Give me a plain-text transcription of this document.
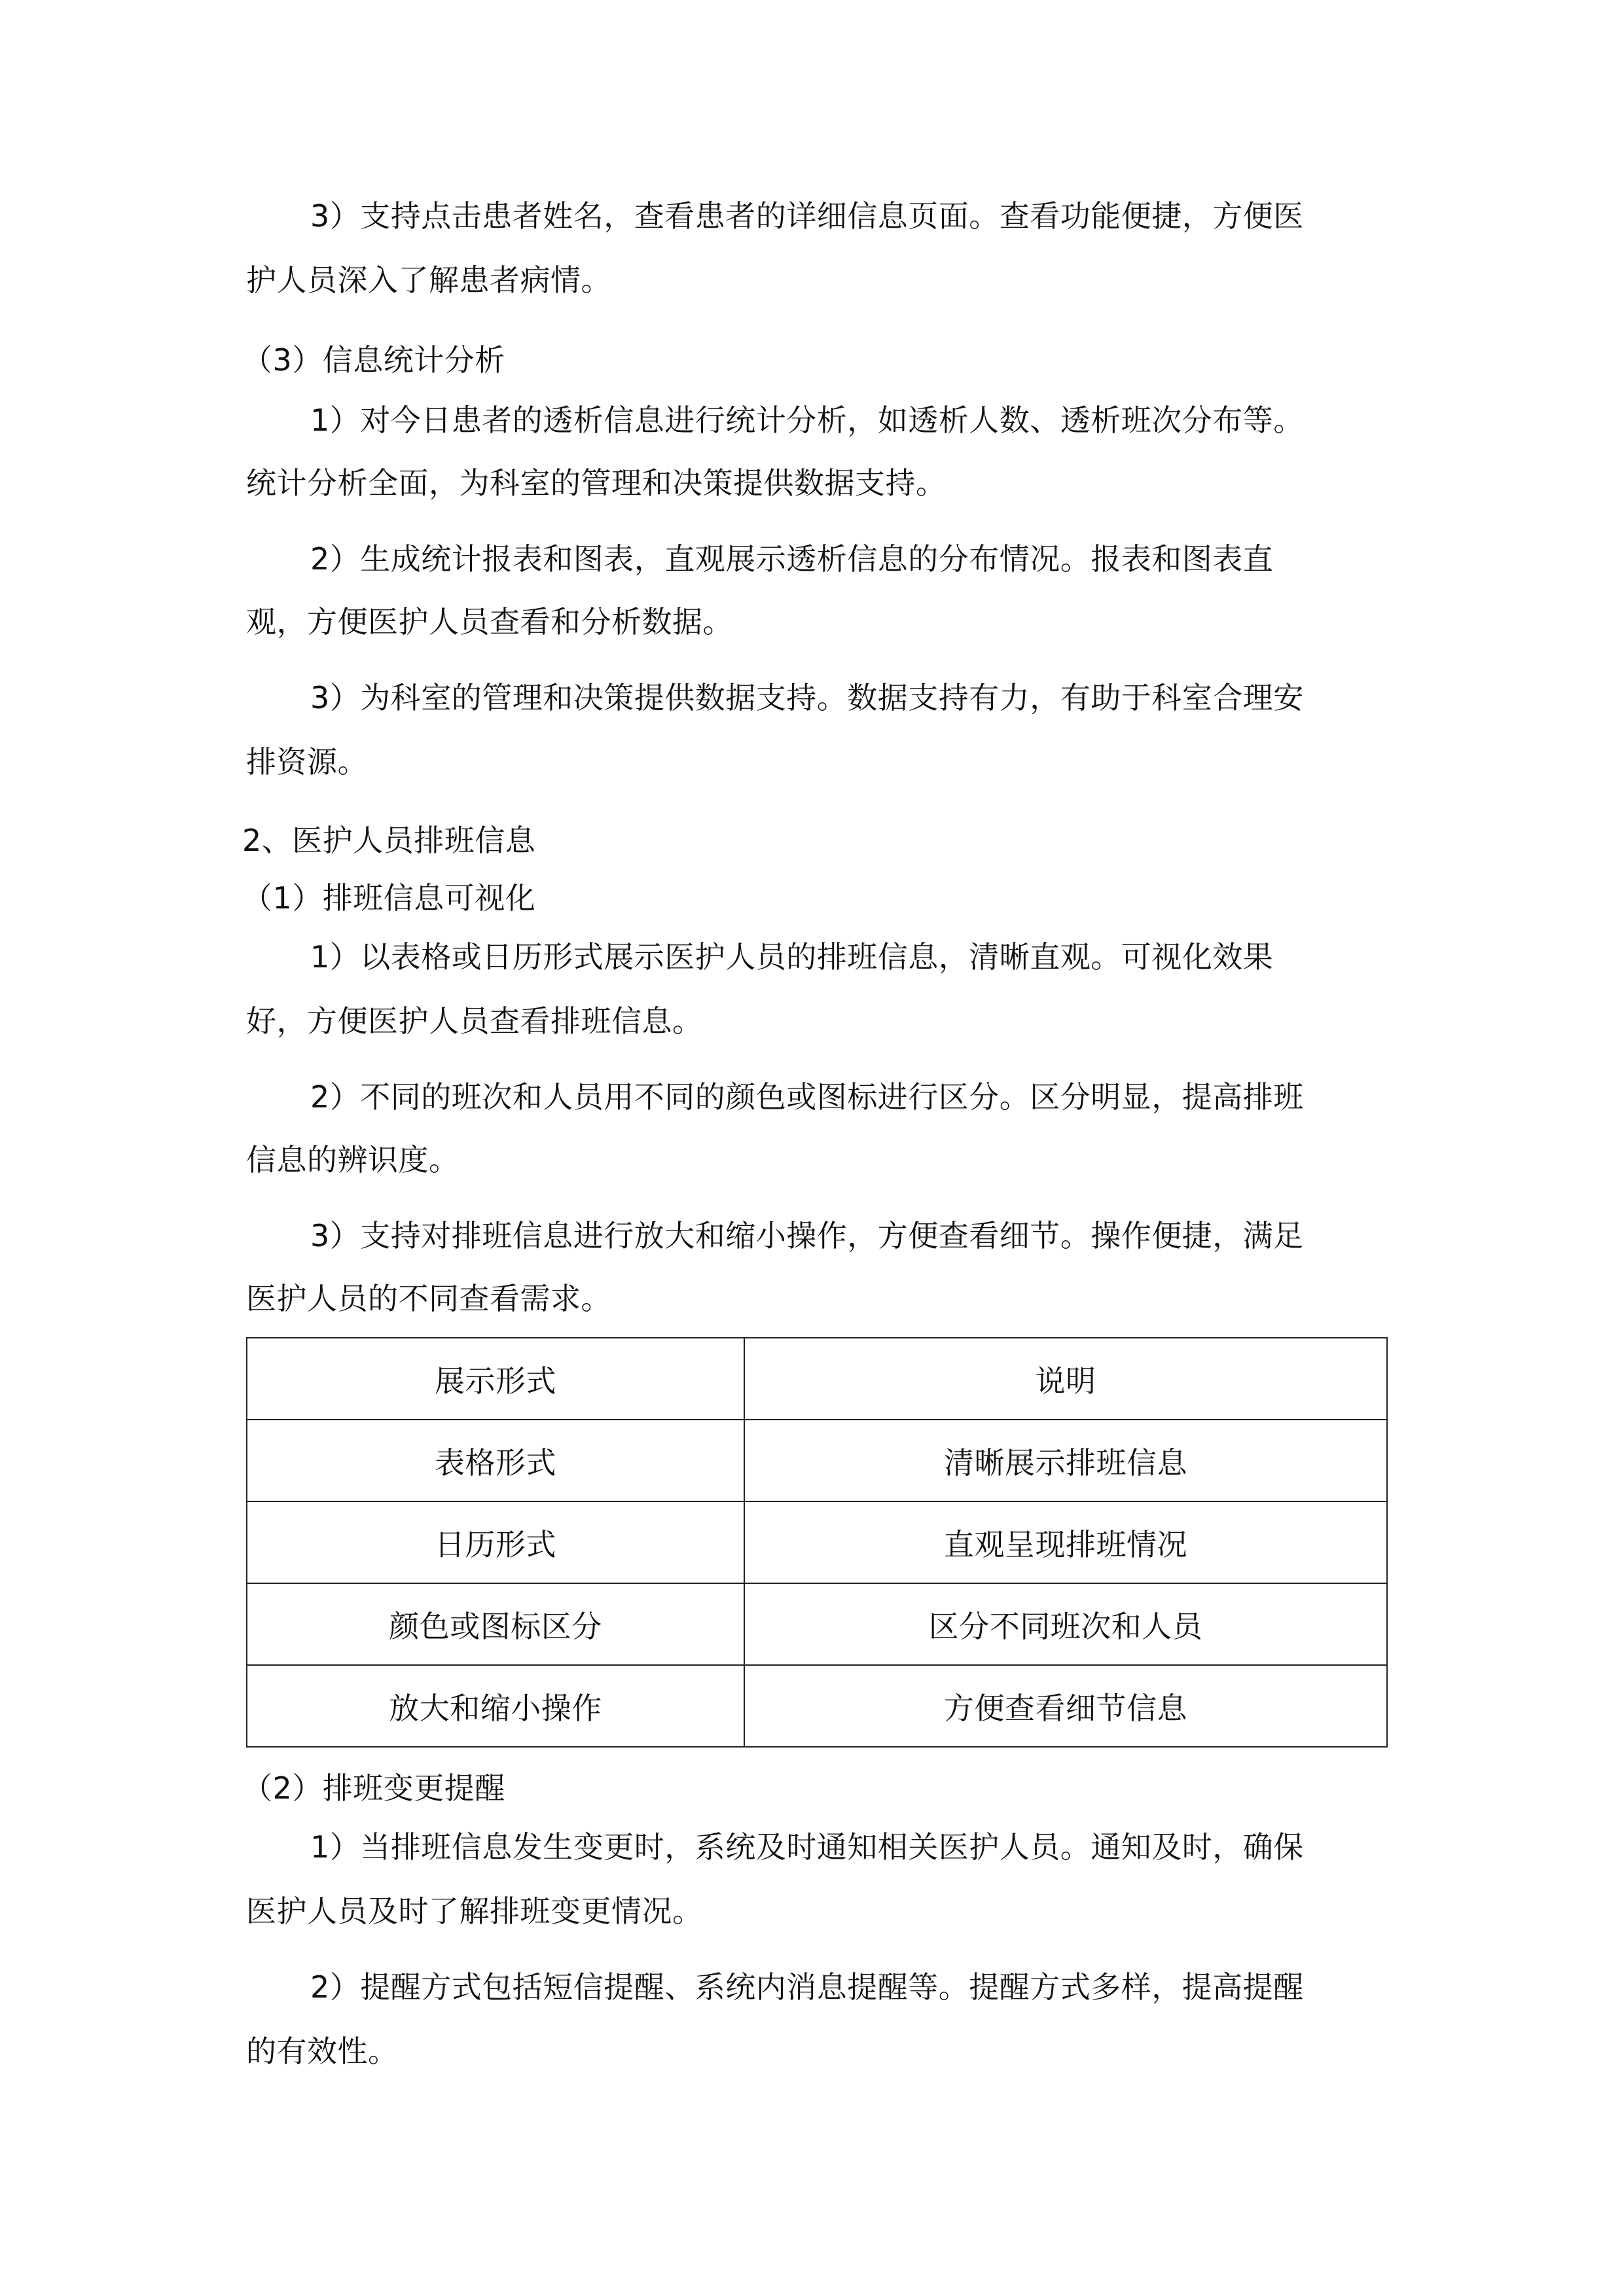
3）支持点击患者姓名，查看患者的详细信息页面。查看功能便捷，方便医

护人员深入了解患者病情。

（3）信息统计分析

1）对今日患者的透析信息进行统计分析，如透析人数、透析班次分布等。

统计分析全面，为科室的管理和决策提供数据支持。

2）生成统计报表和图表，直观展示透析信息的分布情况。报表和图表直

观，方便医护人员查看和分析数据。

3）为科室的管理和决策提供数据支持。数据支持有力，有助于科室合理安

排资源。

2、医护人员排班信息

（1）排班信息可视化

1）以表格或日历形式展示医护人员的排班信息，清晰直观。可视化效果

好，方便医护人员查看排班信息。

2）不同的班次和人员用不同的颜色或图标进行区分。区分明显，提高排班

信息的辨识度。

3）支持对排班信息进行放大和缩小操作，方便查看细节。操作便捷，满足

医护人员的不同查看需求。

展示形式	说明
表格形式	清晰展示排班信息
日历形式	直观呈现排班情况
颜色或图标区分	区分不同班次和人员
放大和缩小操作	方便查看细节信息

（2）排班变更提醒

1）当排班信息发生变更时，系统及时通知相关医护人员。通知及时，确保

医护人员及时了解排班变更情况。

2）提醒方式包括短信提醒、系统内消息提醒等。提醒方式多样，提高提醒

的有效性。
